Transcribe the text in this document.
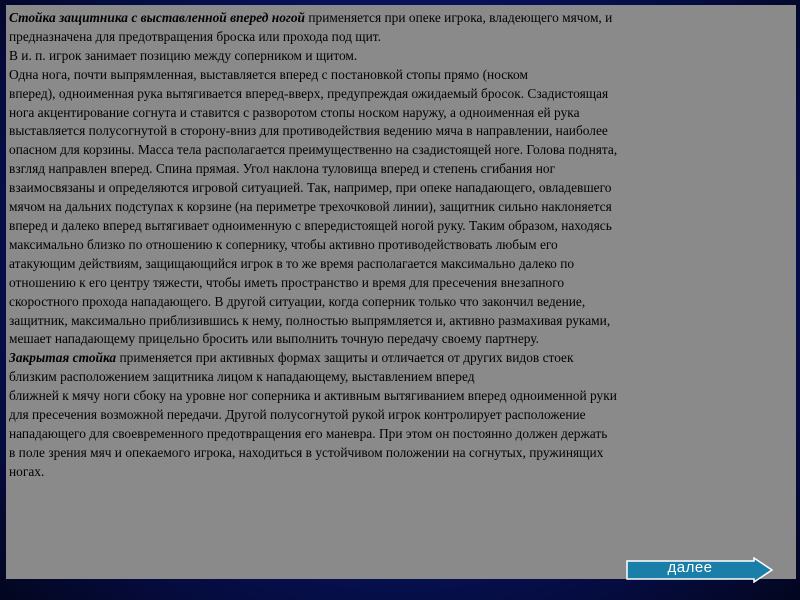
Стойка защитника с выставленной вперед ногой применяется при опеке игрока, владеющего мячом, и
предназначена для предотвращения броска или прохода под щит.
В и. п. игрок занимает позицию между соперником и щитом.
Одна нога, почти выпрямленная, выставляется вперед с постановкой стопы прямо (носком
вперед), одноименная рука вытягивается вперед-вверх, предупреждая ожидаемый бросок. Сзадистоящая
нога акцентирование согнута и ставится с разворотом стопы носком наружу, а одноименная ей рука
выставляется полусогнутой в сторону-вниз для противодействия ведению мяча в направлении, наиболее
опасном для корзины. Масса тела располагается преимущественно на сзадистоящей ноге. Голова поднята,
взгляд направлен вперед. Спина прямая. Угол наклона туловища вперед и степень сгибания ног
взаимосвязаны и определяются игровой ситуацией. Так, например, при опеке нападающего, овладевшего
мячом на дальних подступах к корзине (на периметре трехочковой линии), защитник сильно наклоняется
вперед и далеко вперед вытягивает одноименную с впередистоящей ногой руку. Таким образом, находясь
максимально близко по отношению к сопернику, чтобы активно противодействовать любым его
атакующим действиям, защищающийся игрок в то же время располагается максимально далеко по
отношению к его центру тяжести, чтобы иметь пространство и время для пресечения внезапного
скоростного прохода нападающего. В другой ситуации, когда соперник только что закончил ведение,
защитник, максимально приблизившись к нему, полностью выпрямляется и, активно размахивая руками,
мешает нападающему прицельно бросить или выполнить точную передачу своему партнеру.
Закрытая стойка применяется при активных формах защиты и отличается от других видов стоек
близким расположением защитника лицом к нападающему, выставлением вперед
ближней к мячу ноги сбоку на уровне ног соперника и активным вытягиванием вперед одноименной руки
для пресечения возможной передачи. Другой полусогнутой рукой игрок контролирует расположение
нападающего для своевременного предотвращения его маневра. При этом он постоянно должен держать
в поле зрения мяч и опекаемого игрока, находиться в устойчивом положении на согнутых, пружинящих
ногах.
далее
